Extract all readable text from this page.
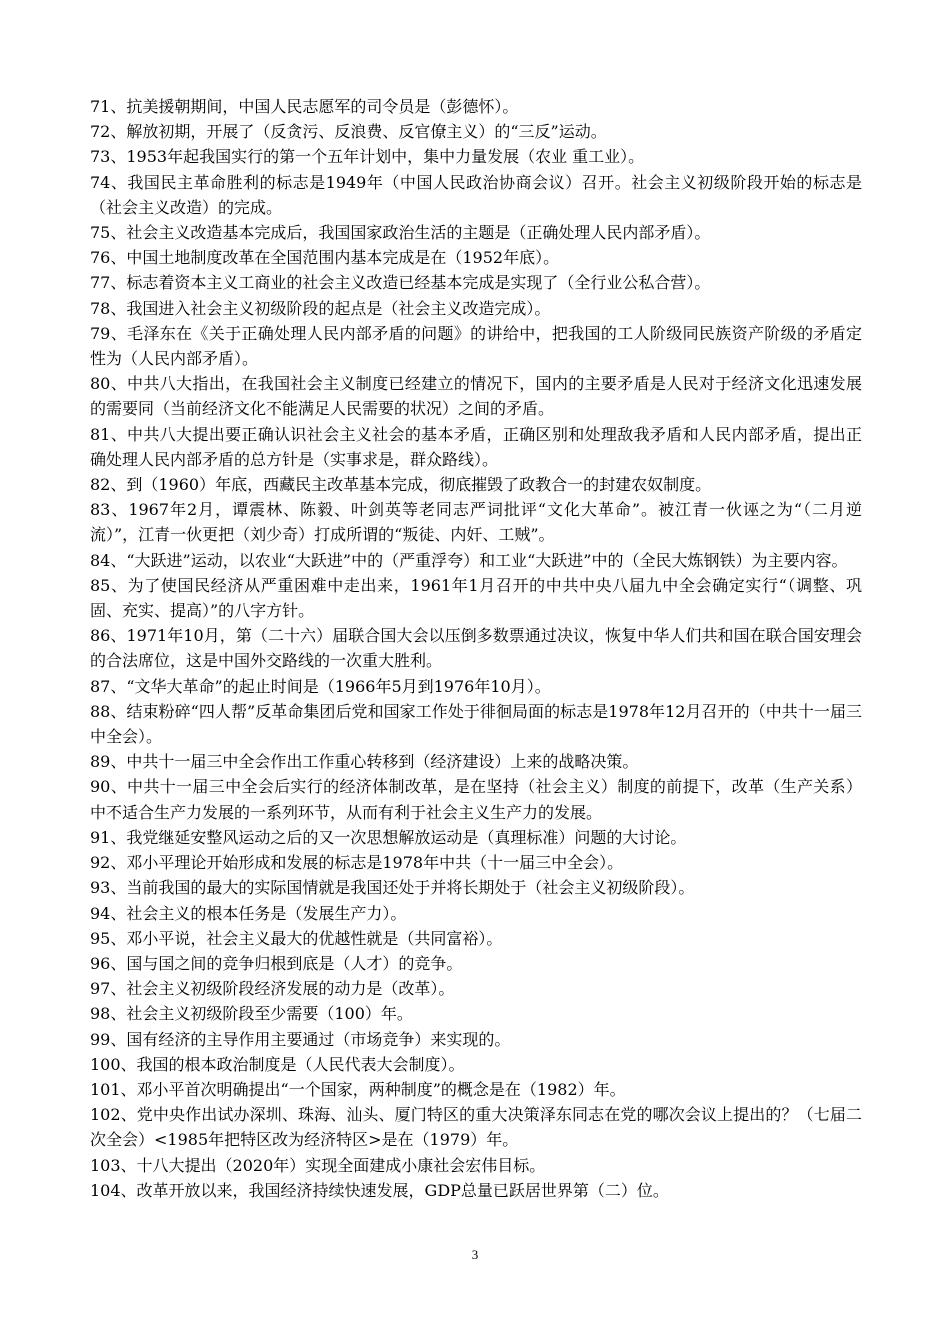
71、抗美援朝期间，中国人民志愿军的司令员是（彭德怀）。

72、解放初期，开展了（反贪污、反浪费、反官僚主义）的“三反”运动。

73、1953年起我国实行的第一个五年计划中，集中力量发展（农业 重工业）。

74、我国民主革命胜利的标志是1949年（中国人民政治协商会议）召开。社会主义初级阶段开始的标志是（社会主义改造）的完成。

75、社会主义改造基本完成后，我国国家政治生活的主题是（正确处理人民内部矛盾）。

76、中国土地制度改革在全国范围内基本完成是在（1952年底）。

77、标志着资本主义工商业的社会主义改造已经基本完成是实现了（全行业公私合营）。

78、我国进入社会主义初级阶段的起点是（社会主义改造完成）。

79、毛泽东在《关于正确处理人民内部矛盾的问题》的讲给中，把我国的工人阶级同民族资产阶级的矛盾定性为（人民内部矛盾）。

80、中共八大指出，在我国社会主义制度已经建立的情况下，国内的主要矛盾是人民对于经济文化迅速发展的需要同（当前经济文化不能满足人民需要的状况）之间的矛盾。

81、中共八大提出要正确认识社会主义社会的基本矛盾，正确区别和处理敌我矛盾和人民内部矛盾，提出正确处理人民内部矛盾的总方针是（实事求是，群众路线）。

82、到（1960）年底，西藏民主改革基本完成，彻底摧毁了政教合一的封建农奴制度。

83、1967年2月，谭震林、陈毅、叶剑英等老同志严词批评“文化大革命”。被江青一伙诬之为“（二月逆流）”，江青一伙更把（刘少奇）打成所谓的“叛徒、内奸、工贼”。

84、“大跃进”运动，以农业“大跃进”中的（严重浮夸）和工业“大跃进”中的（全民大炼钢铁）为主要内容。

85、为了使国民经济从严重困难中走出来，1961年1月召开的中共中央八届九中全会确定实行“（调整、巩固、充实、提高）”的八字方针。

86、1971年10月，第（二十六）届联合国大会以压倒多数票通过决议，恢复中华人们共和国在联合国安理会的合法席位，这是中国外交路线的一次重大胜利。

87、“文华大革命”的起止时间是（1966年5月到1976年10月）。

88、结束粉碎“四人帮”反革命集团后党和国家工作处于徘徊局面的标志是1978年12月召开的（中共十一届三中全会）。

89、中共十一届三中全会作出工作重心转移到（经济建设）上来的战略决策。

90、中共十一届三中全会后实行的经济体制改革，是在坚持（社会主义）制度的前提下，改革（生产关系）中不适合生产力发展的一系列环节，从而有利于社会主义生产力的发展。

91、我党继延安整风运动之后的又一次思想解放运动是（真理标准）问题的大讨论。

92、邓小平理论开始形成和发展的标志是1978年中共（十一届三中全会）。

93、当前我国的最大的实际国情就是我国还处于并将长期处于（社会主义初级阶段）。

94、社会主义的根本任务是（发展生产力）。

95、邓小平说，社会主义最大的优越性就是（共同富裕）。

96、国与国之间的竞争归根到底是（人才）的竞争。

97、社会主义初级阶段经济发展的动力是（改革）。

98、社会主义初级阶段至少需要（100）年。

99、国有经济的主导作用主要通过（市场竞争）来实现的。

100、我国的根本政治制度是（人民代表大会制度）。

101、邓小平首次明确提出“一个国家，两种制度”的概念是在（1982）年。

102、党中央作出试办深圳、珠海、汕头、厦门特区的重大决策泽东同志在党的哪次会议上提出的？（七届二次全会）<1985年把特区改为经济特区>是在（1979）年。

103、十八大提出（2020年）实现全面建成小康社会宏伟目标。

104、改革开放以来，我国经济持续快速发展，GDP总量已跃居世界第（二）位。

3
